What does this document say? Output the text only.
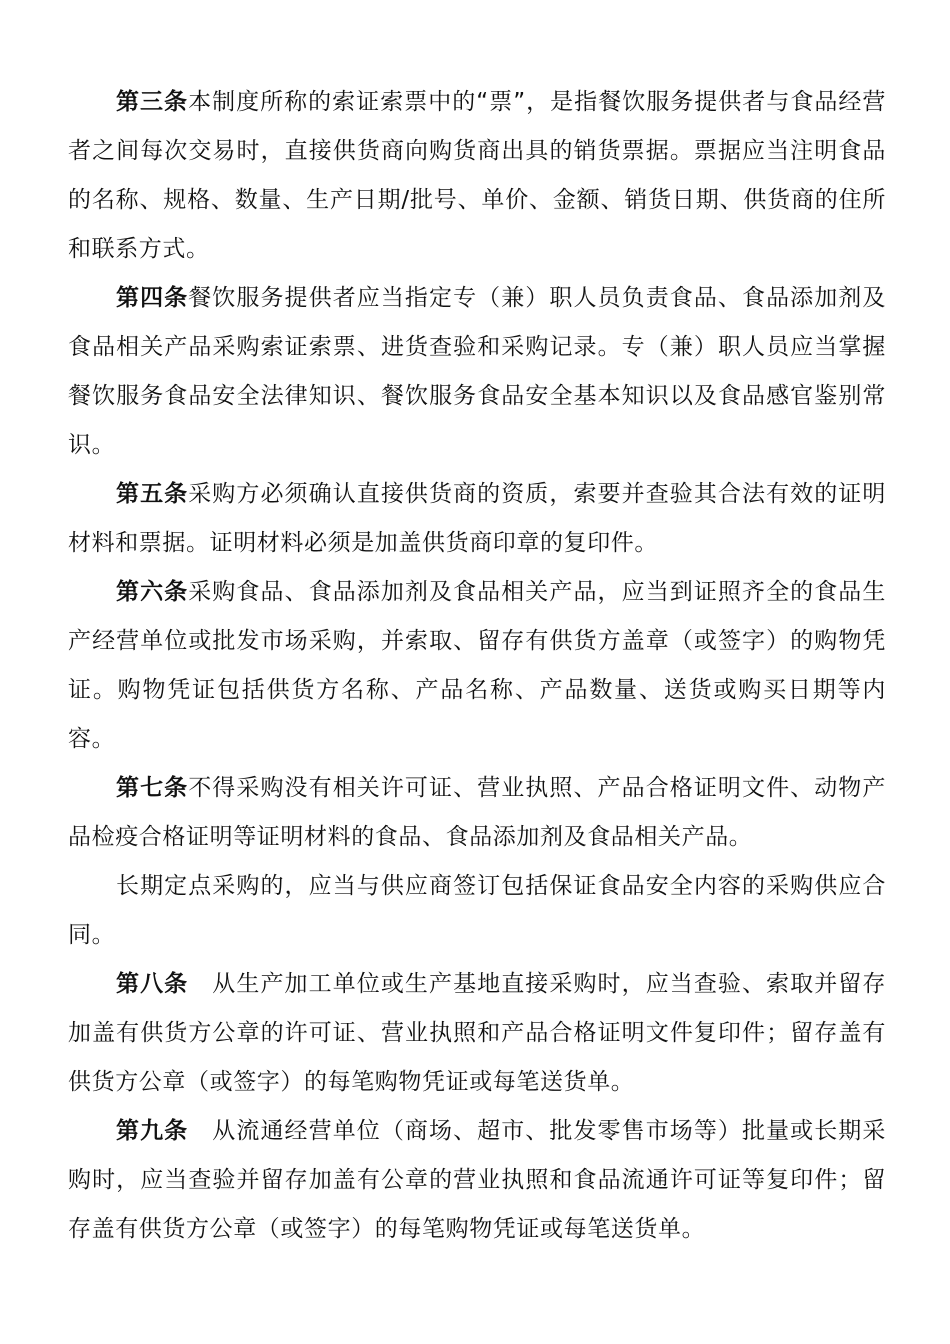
第三条本制度所称的索证索票中的“票”，是指餐饮服务提供者与食品经营者之间每次交易时，直接供货商向购货商出具的销货票据。票据应当注明食品的名称、规格、数量、生产日期/批号、单价、金额、销货日期、供货商的住所和联系方式。

第四条餐饮服务提供者应当指定专（兼）职人员负责食品、食品添加剂及食品相关产品采购索证索票、进货查验和采购记录。专（兼）职人员应当掌握餐饮服务食品安全法律知识、餐饮服务食品安全基本知识以及食品感官鉴别常识。

第五条采购方必须确认直接供货商的资质，索要并查验其合法有效的证明材料和票据。证明材料必须是加盖供货商印章的复印件。

第六条采购食品、食品添加剂及食品相关产品，应当到证照齐全的食品生产经营单位或批发市场采购，并索取、留存有供货方盖章（或签字）的购物凭证。购物凭证包括供货方名称、产品名称、产品数量、送货或购买日期等内容。

第七条不得采购没有相关许可证、营业执照、产品合格证明文件、动物产品检疫合格证明等证明材料的食品、食品添加剂及食品相关产品。

长期定点采购的，应当与供应商签订包括保证食品安全内容的采购供应合同。

第八条　从生产加工单位或生产基地直接采购时，应当查验、索取并留存加盖有供货方公章的许可证、营业执照和产品合格证明文件复印件；留存盖有供货方公章（或签字）的每笔购物凭证或每笔送货单。

第九条　从流通经营单位（商场、超市、批发零售市场等）批量或长期采购时，应当查验并留存加盖有公章的营业执照和食品流通许可证等复印件；留存盖有供货方公章（或签字）的每笔购物凭证或每笔送货单。
